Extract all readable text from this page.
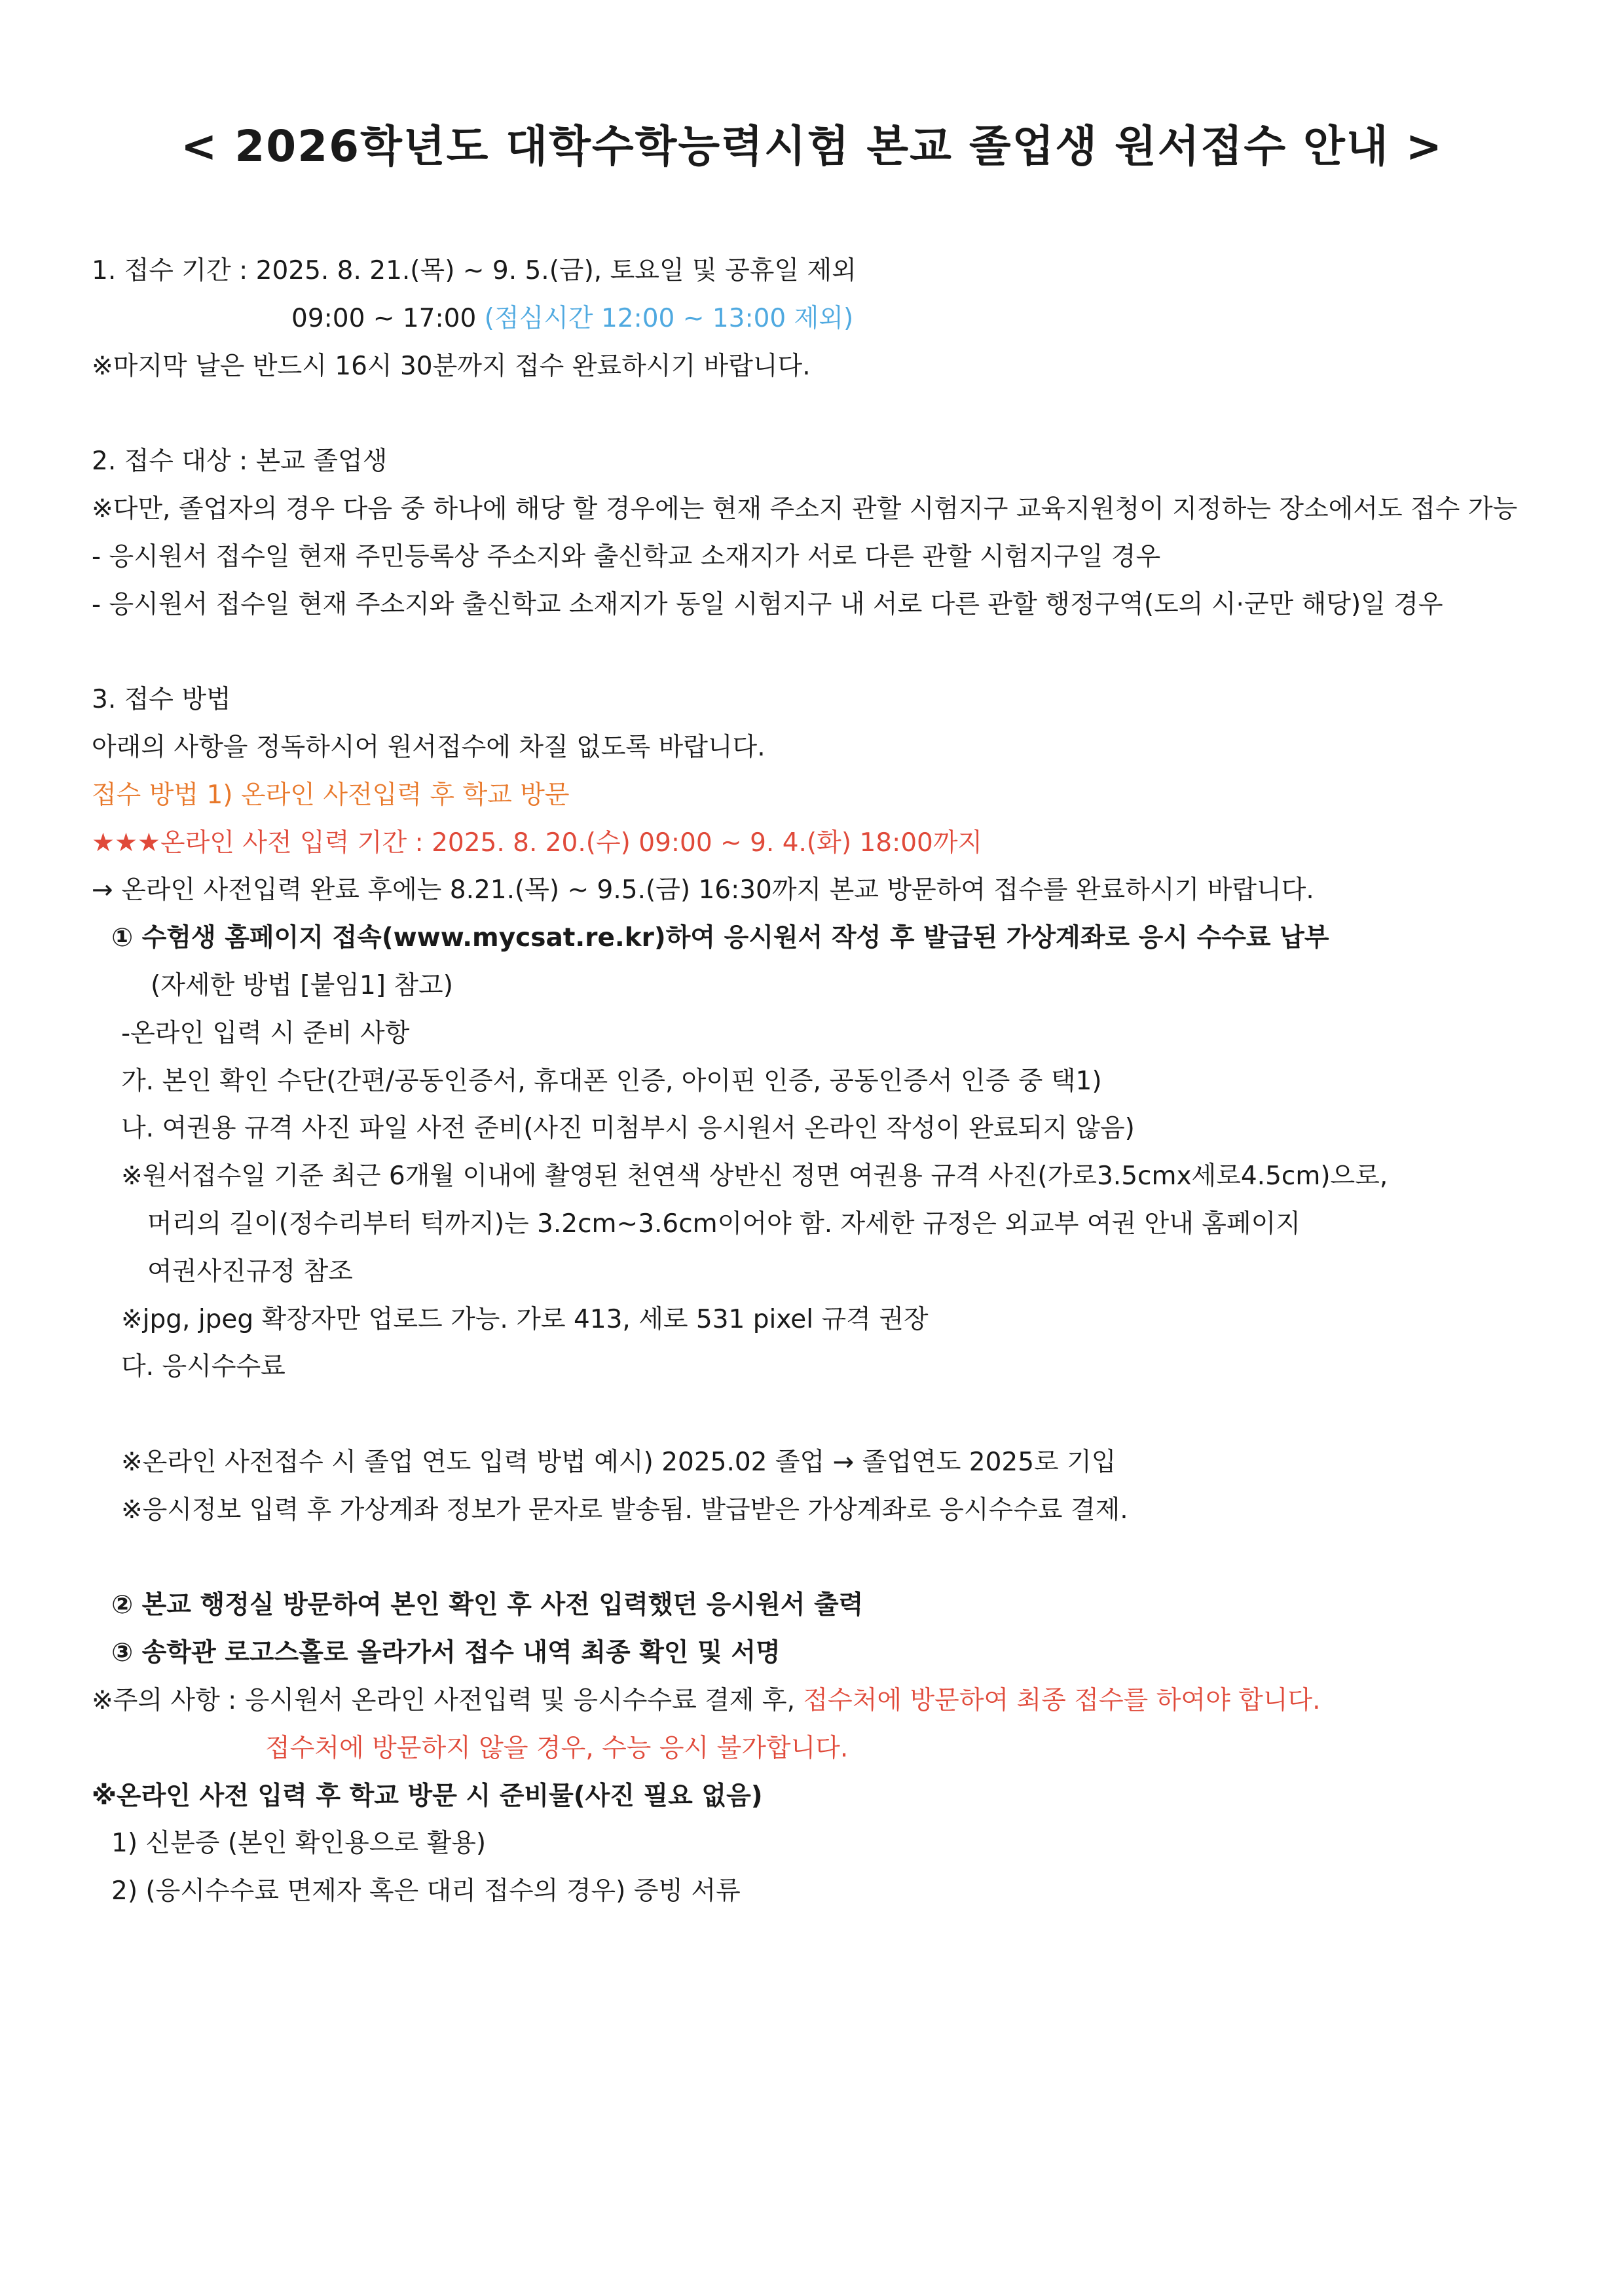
< 2026학년도 대학수학능력시험 본교 졸업생 원서접수 안내 >
1. 접수 기간 : 2025. 8. 21.(목) ~ 9. 5.(금), 토요일 및 공휴일 제외
09:00 ~ 17:00 (점심시간 12:00 ~ 13:00 제외)
※마지막 날은 반드시 16시 30분까지 접수 완료하시기 바랍니다.
2. 접수 대상 : 본교 졸업생
※다만, 졸업자의 경우 다음 중 하나에 해당 할 경우에는 현재 주소지 관할 시험지구 교육지원청이 지정하는 장소에서도 접수 가능
- 응시원서 접수일 현재 주민등록상 주소지와 출신학교 소재지가 서로 다른 관할 시험지구일 경우
- 응시원서 접수일 현재 주소지와 출신학교 소재지가 동일 시험지구 내 서로 다른 관할 행정구역(도의 시·군만 해당)일 경우
3. 접수 방법
아래의 사항을 정독하시어 원서접수에 차질 없도록 바랍니다.
접수 방법 1) 온라인 사전입력 후 학교 방문
★★★온라인 사전 입력 기간 : 2025. 8. 20.(수) 09:00 ~ 9. 4.(화) 18:00까지
→ 온라인 사전입력 완료 후에는 8.21.(목) ~ 9.5.(금) 16:30까지 본교 방문하여 접수를 완료하시기 바랍니다.
① 수험생 홈페이지 접속(www.mycsat.re.kr)하여 응시원서 작성 후 발급된 가상계좌로 응시 수수료 납부
(자세한 방법 [붙임1] 참고)
-온라인 입력 시 준비 사항
가. 본인 확인 수단(간편/공동인증서, 휴대폰 인증, 아이핀 인증, 공동인증서 인증 중 택1)
나. 여권용 규격 사진 파일 사전 준비(사진 미첨부시 응시원서 온라인 작성이 완료되지 않음)
※원서접수일 기준 최근 6개월 이내에 촬영된 천연색 상반신 정면 여권용 규격 사진(가로3.5cmx세로4.5cm)으로,
머리의 길이(정수리부터 턱까지)는 3.2cm~3.6cm이어야 함. 자세한 규정은 외교부 여권 안내 홈페이지
여권사진규정 참조
※jpg, jpeg 확장자만 업로드 가능. 가로 413, 세로 531 pixel 규격 권장
다. 응시수수료
※온라인 사전접수 시 졸업 연도 입력 방법 예시) 2025.02 졸업 → 졸업연도 2025로 기입
※응시정보 입력 후 가상계좌 정보가 문자로 발송됨. 발급받은 가상계좌로 응시수수료 결제.
② 본교 행정실 방문하여 본인 확인 후 사전 입력했던 응시원서 출력
③ 송학관 로고스홀로 올라가서 접수 내역 최종 확인 및 서명
※주의 사항 : 응시원서 온라인 사전입력 및 응시수수료 결제 후, 접수처에 방문하여 최종 접수를 하여야 합니다.
접수처에 방문하지 않을 경우, 수능 응시 불가합니다.
※온라인 사전 입력 후 학교 방문 시 준비물(사진 필요 없음)
1) 신분증 (본인 확인용으로 활용)
2) (응시수수료 면제자 혹은 대리 접수의 경우) 증빙 서류
